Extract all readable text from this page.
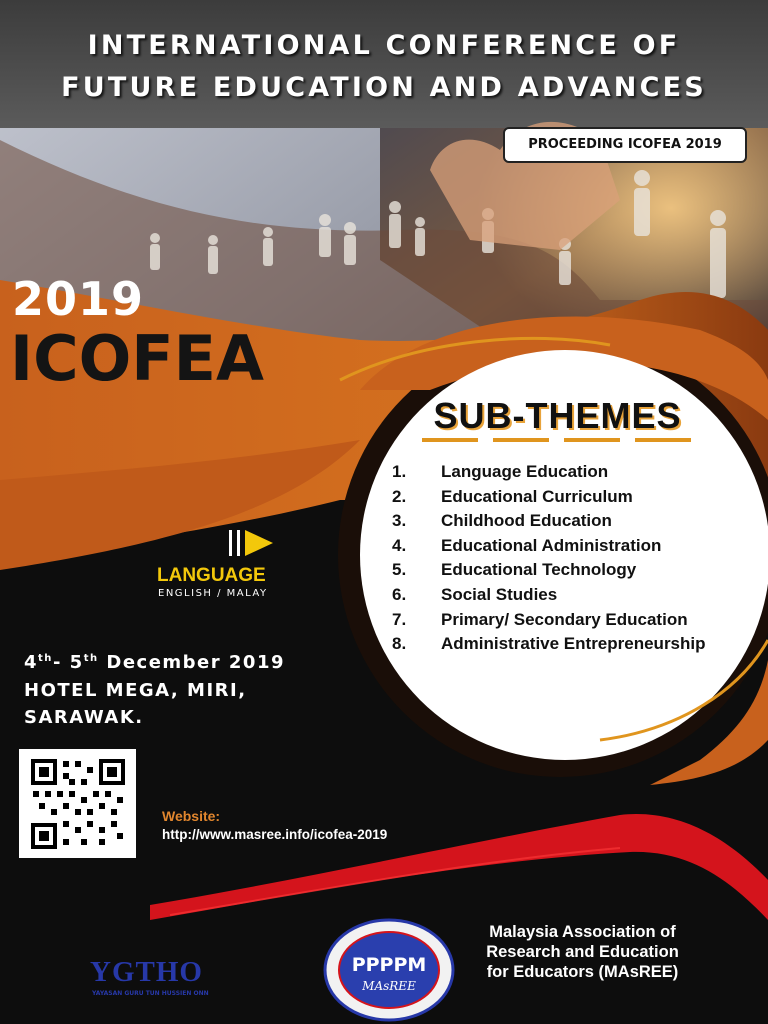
INTERNATIONAL CONFERENCE OF
FUTURE EDUCATION AND ADVANCES
PROCEEDING ICOFEA 2019
2019
ICOFEA
SUB-THEMES
1. Language Education
2. Educational Curriculum
3. Childhood Education
4. Educational Administration
5. Educational Technology
6. Social Studies
7. Primary/ Secondary Education
8. Administrative Entrepreneurship
LANGUAGE
ENGLISH / MALAY
4th- 5th December 2019
HOTEL MEGA, MIRI,
SARAWAK.
Website:
http://www.masree.info/icofea-2019
YGTHO
YAYASAN GURU TUN HUSSIEN ONN
PPPPM
MAsREE
Malaysia Association of Research and Education for Educators (MAsREE)
